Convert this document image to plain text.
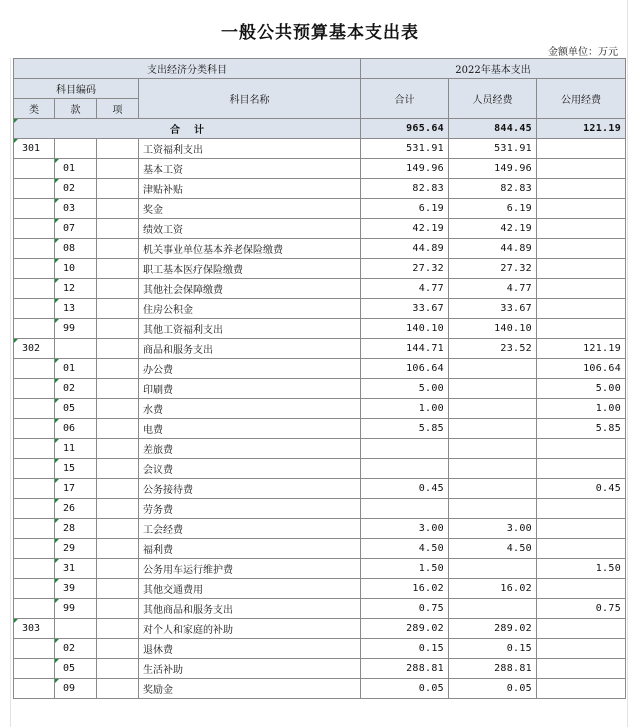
一般公共预算基本支出表
金额单位：万元
支出经济分类科目				2022年基本支出		
科目编码			科目名称	合计	人员经费	公用经费
类	款	项				
合    计				965.64	844.45	121.19
301			工资福利支出	531.91	531.91	
	01		基本工资	149.96	149.96	
	02		津贴补贴	82.83	82.83	
	03		奖金	6.19	6.19	
	07		绩效工资	42.19	42.19	
	08		机关事业单位基本养老保险缴费	44.89	44.89	
	10		职工基本医疗保险缴费	27.32	27.32	
	12		其他社会保障缴费	4.77	4.77	
	13		住房公积金	33.67	33.67	
	99		其他工资福利支出	140.10	140.10	
302			商品和服务支出	144.71	23.52	121.19
	01		办公费	106.64		106.64
	02		印刷费	5.00		5.00
	05		水费	1.00		1.00
	06		电费	5.85		5.85
	11		差旅费			
	15		会议费			
	17		公务接待费	0.45		0.45
	26		劳务费			
	28		工会经费	3.00	3.00	
	29		福利费	4.50	4.50	
	31		公务用车运行维护费	1.50		1.50
	39		其他交通费用	16.02	16.02	
	99		其他商品和服务支出	0.75		0.75
303			对个人和家庭的补助	289.02	289.02	
	02		退休费	0.15	0.15	
	05		生活补助	288.81	288.81	
	09		奖励金	0.05	0.05	
